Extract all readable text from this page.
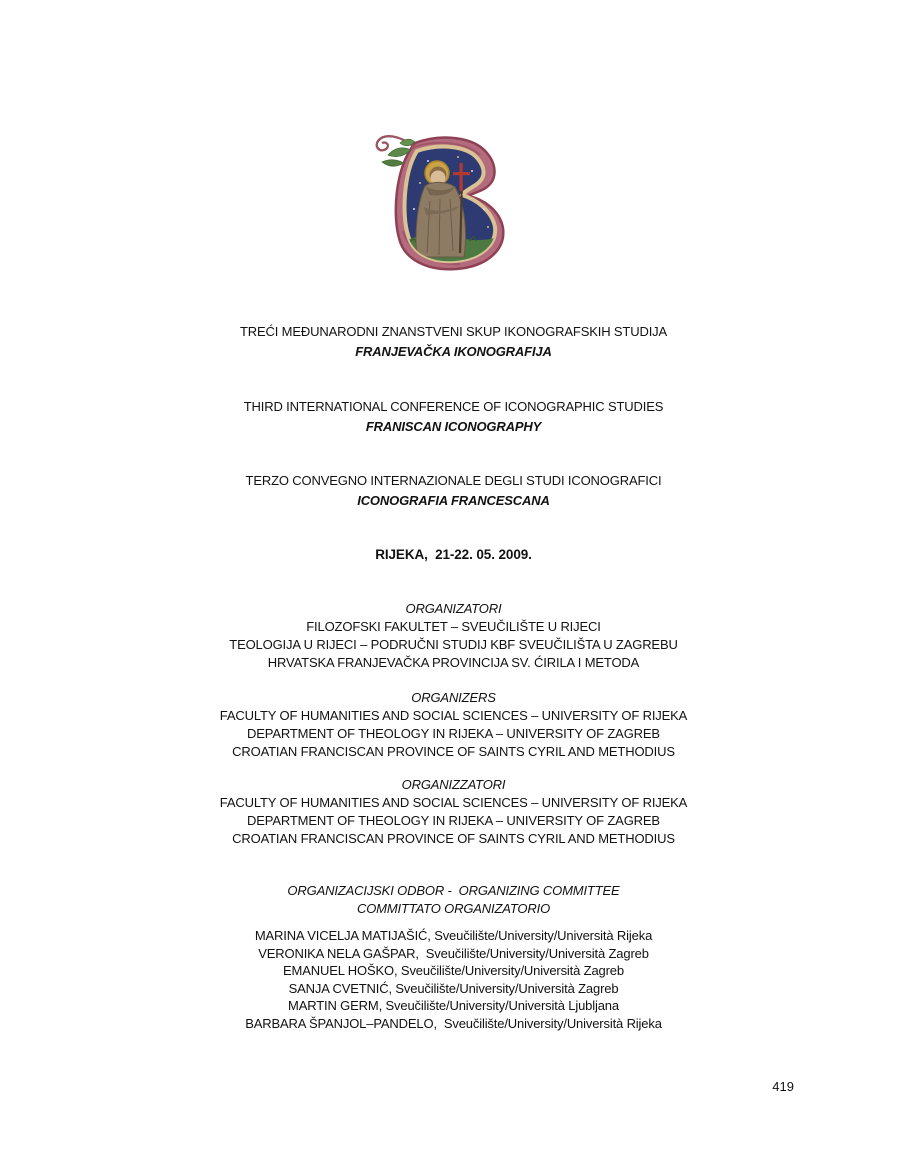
TREĆI MEĐUNARODNI ZNANSTVENI SKUP IKONOGRAFSKIH STUDIJA
FRANJEVAČKA IKONOGRAFIJA
THIRD INTERNATIONAL CONFERENCE OF ICONOGRAPHIC STUDIES
FRANISCAN ICONOGRAPHY
TERZO CONVEGNO INTERNAZIONALE DEGLI STUDI ICONOGRAFICI
ICONOGRAFIA FRANCESCANA
RIJEKA,  21-22. 05. 2009.
ORGANIZATORI
FILOZOFSKI FAKULTET – SVEUČILIŠTE U RIJECI
TEOLOGIJA U RIJECI – PODRUČNI STUDIJ KBF SVEUČILIŠTA U ZAGREBU
HRVATSKA FRANJEVAČKA PROVINCIJA SV. ĆIRILA I METODA
ORGANIZERS
FACULTY OF HUMANITIES AND SOCIAL SCIENCES – UNIVERSITY OF RIJEKA
DEPARTMENT OF THEOLOGY IN RIJEKA – UNIVERSITY OF ZAGREB
CROATIAN FRANCISCAN PROVINCE OF SAINTS CYRIL AND METHODIUS
ORGANIZZATORI
FACULTY OF HUMANITIES AND SOCIAL SCIENCES – UNIVERSITY OF RIJEKA
DEPARTMENT OF THEOLOGY IN RIJEKA – UNIVERSITY OF ZAGREB
CROATIAN FRANCISCAN PROVINCE OF SAINTS CYRIL AND METHODIUS
ORGANIZACIJSKI ODBOR -  ORGANIZING COMMITTEE
COMMITTATO ORGANIZATORIO
MARINA VICELJA MATIJAŠIĆ, Sveučilište/University/Università Rijeka
VERONIKA NELA GAŠPAR,  Sveučilište/University/Università Zagreb
EMANUEL HOŠKO, Sveučilište/University/Università Zagreb
SANJA CVETNIĆ, Sveučilište/University/Università Zagreb
MARTIN GERM, Sveučilište/University/Università Ljubljana
BARBARA ŠPANJOL–PANDELO,  Sveučilište/University/Università Rijeka
419
